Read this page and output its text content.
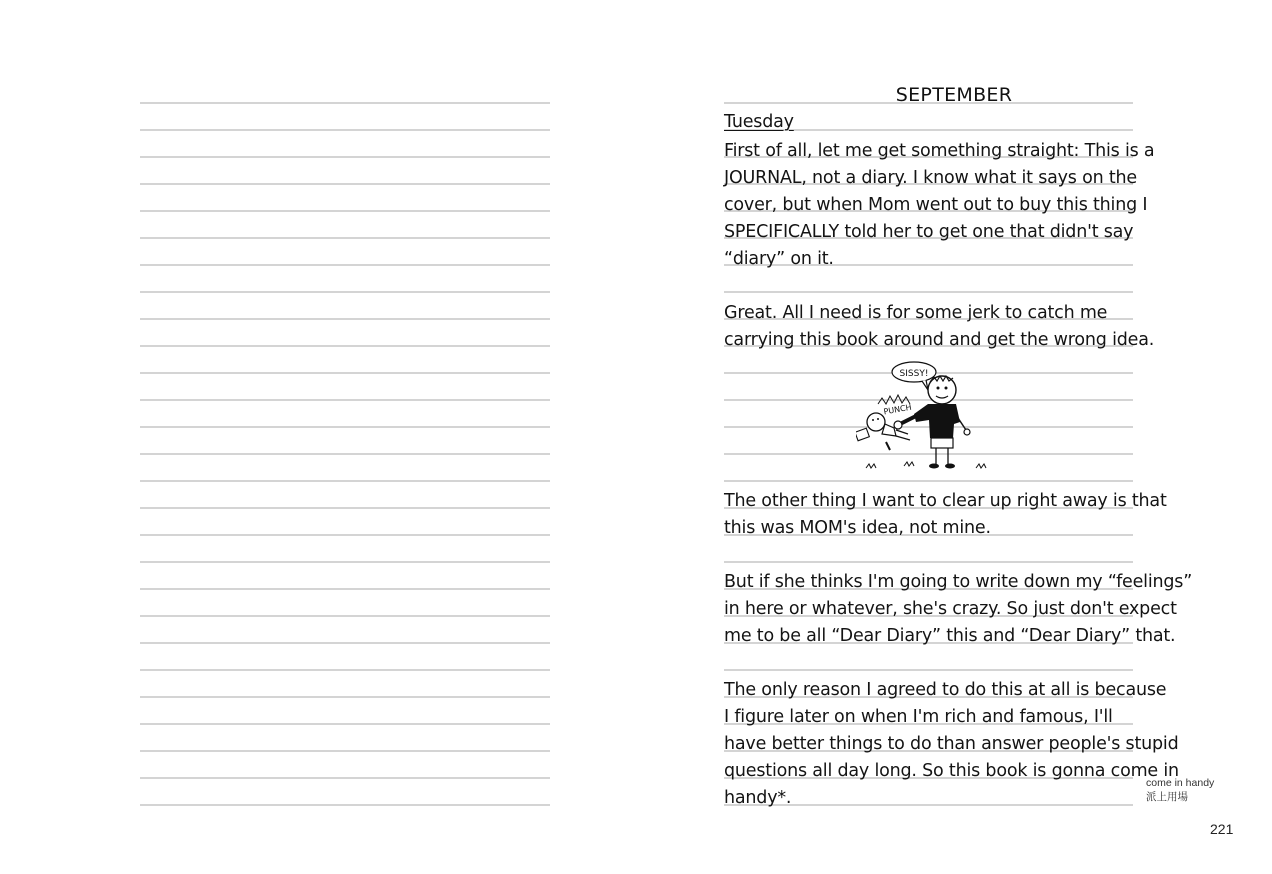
SEPTEMBER
Tuesday
First of all, let me get something straight: This is a
JOURNAL, not a diary. I know what it says on the
cover, but when Mom went out to buy this thing I
SPECIFICALLY told her to get one that didn't say
“diary” on it.
Great. All I need is for some jerk to catch me
carrying this book around and get the wrong idea.
SISSY!
PUNCH
The other thing I want to clear up right away is that
this was MOM's idea, not mine.
But if she thinks I'm going to write down my “feelings”
in here or whatever, she's crazy. So just don't expect
me to be all “Dear Diary” this and “Dear Diary” that.
The only reason I agreed to do this at all is because
I figure later on when I'm rich and famous, I'll
have better things to do than answer people's stupid
questions all day long. So this book is gonna come in
handy*.
come in handy
派上用場
221
